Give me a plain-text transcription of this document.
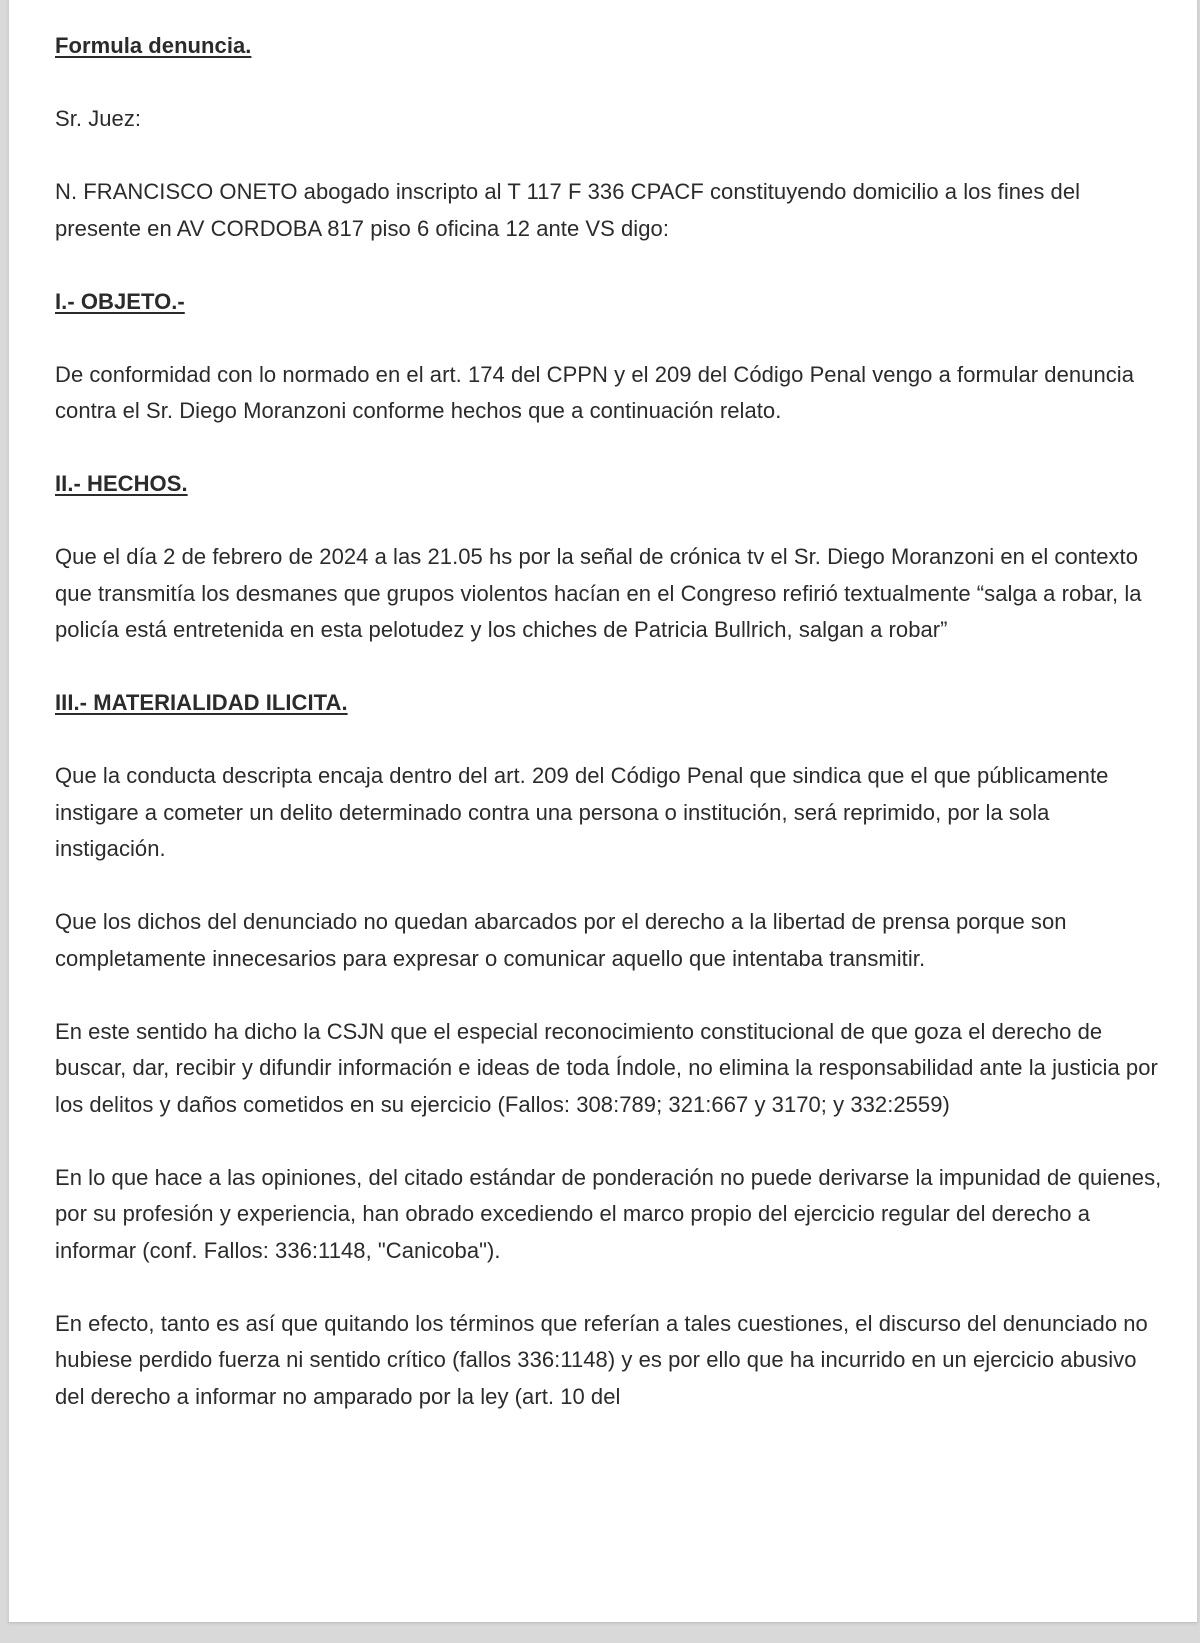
Formula denuncia.

Sr. Juez:

N. FRANCISCO ONETO abogado inscripto al T 117 F 336 CPACF constituyendo domicilio a los fines del presente en AV CORDOBA 817 piso 6 oficina 12 ante VS digo:

I.- OBJETO.-

De conformidad con lo normado en el art. 174 del CPPN y el 209 del Código Penal vengo a formular denuncia contra el Sr. Diego Moranzoni conforme hechos que a continuación relato.

II.- HECHOS.

Que el día 2 de febrero de 2024 a las 21.05 hs por la señal de crónica tv el Sr. Diego Moranzoni en el contexto que transmitía los desmanes que grupos violentos hacían en el Congreso refirió textualmente “salga a robar, la policía está entretenida en esta pelotudez y los chiches de Patricia Bullrich, salgan a robar”

III.- MATERIALIDAD ILICITA.

Que la conducta descripta encaja dentro del art. 209 del Código Penal que sindica que el que públicamente instigare a cometer un delito determinado contra una persona o institución, será reprimido, por la sola instigación.

Que los dichos del denunciado no quedan abarcados por el derecho a la libertad de prensa porque son completamente innecesarios para expresar o comunicar aquello que intentaba transmitir.

En este sentido ha dicho la CSJN que el especial reconocimiento constitucional de que goza el derecho de buscar, dar, recibir y difundir información e ideas de toda Índole, no elimina la responsabilidad ante la justicia por los delitos y daños cometidos en su ejercicio (Fallos: 308:789; 321:667 y 3170; y 332:2559)

En lo que hace a las opiniones, del citado estándar de ponderación no puede derivarse la impunidad de quienes, por su profesión y experiencia, han obrado excediendo el marco propio del ejercicio regular del derecho a informar (conf. Fallos: 336:1148, "Canicoba").

En efecto, tanto es así que quitando los términos que referían a tales cuestiones, el discurso del denunciado no hubiese perdido fuerza ni sentido crítico (fallos 336:1148) y es por ello que ha incurrido en un ejercicio abusivo del derecho a informar no amparado por la ley (art. 10 del
